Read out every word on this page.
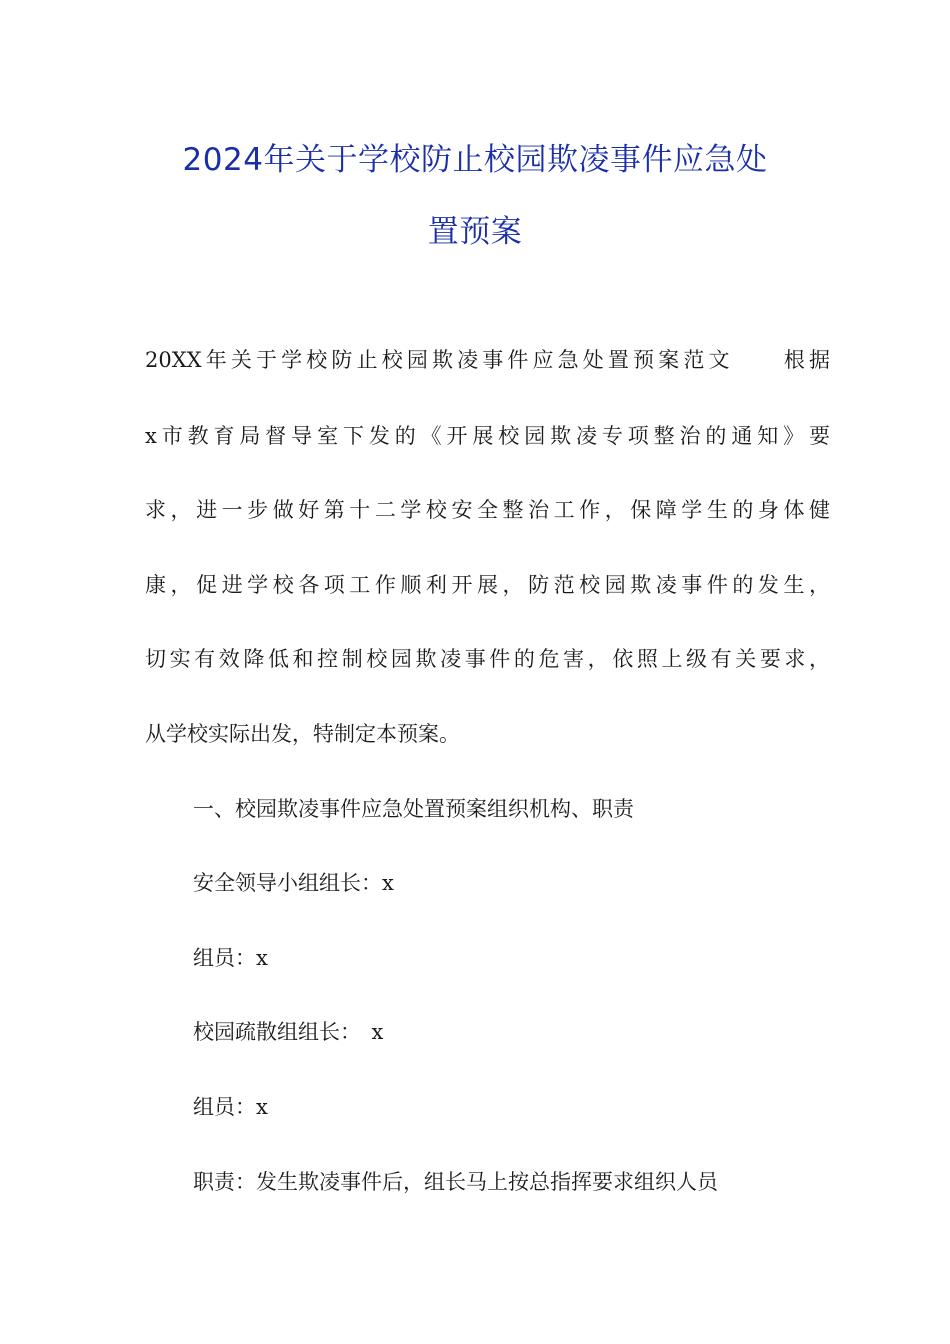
2024年关于学校防止校园欺凌事件应急处
置预案
20XX年关于学校防止校园欺凌事件应急处置预案范文　　根据
x市教育局督导室下发的《开展校园欺凌专项整治的通知》要
求，进一步做好第十二学校安全整治工作，保障学生的身体健
康，促进学校各项工作顺利开展，防范校园欺凌事件的发生，
切实有效降低和控制校园欺凌事件的危害，依照上级有关要求，
从学校实际出发，特制定本预案。
一、校园欺凌事件应急处置预案组织机构、职责
安全领导小组组长：x
组员：x
校园疏散组组长：　x
组员：x
职责：发生欺凌事件后，组长马上按总指挥要求组织人员
